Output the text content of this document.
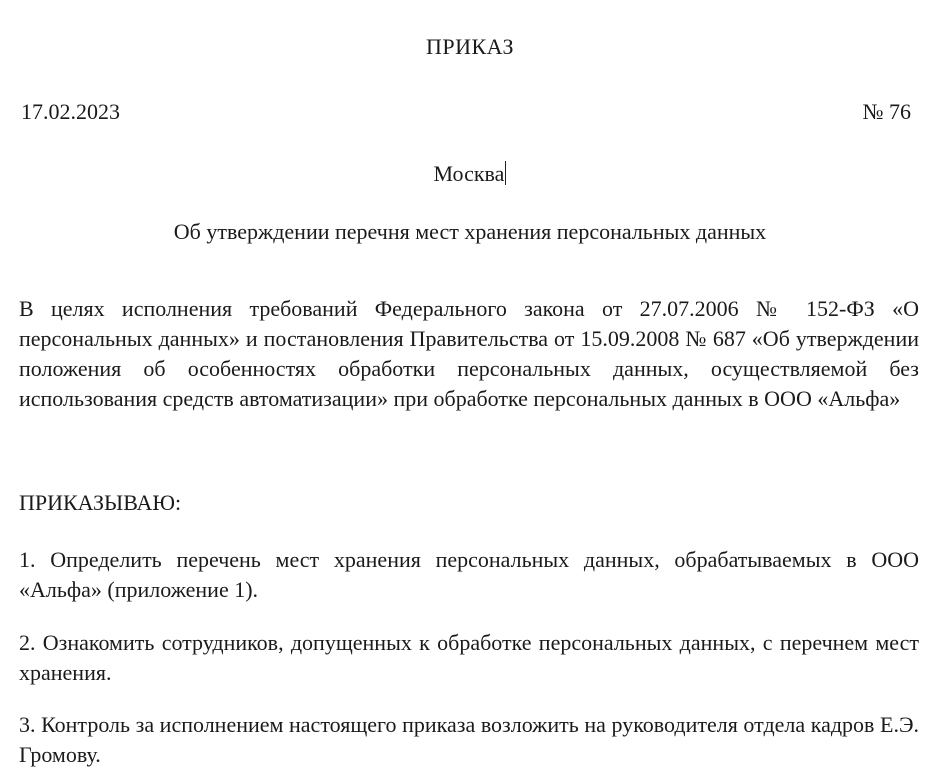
ПРИКАЗ
17.02.2023	№ 76
Москва
Об утверждении перечня мест хранения персональных данных
В целях исполнения требований Федерального закона от 27.07.2006 № 152-ФЗ «О персональных данных» и постановления Правительства от 15.09.2008 № 687 «Об утверждении положения об особенностях обработки персональных данных, осуществляемой без использования средств автоматизации» при обработке персональных данных в ООО «Альфа»
ПРИКАЗЫВАЮ:
1. Определить перечень мест хранения персональных данных, обрабатываемых в ООО «Альфа» (приложение 1).
2. Ознакомить сотрудников, допущенных к обработке персональных данных, с перечнем мест хранения.
3. Контроль за исполнением настоящего приказа возложить на руководителя отдела кадров Е.Э. Громову.
